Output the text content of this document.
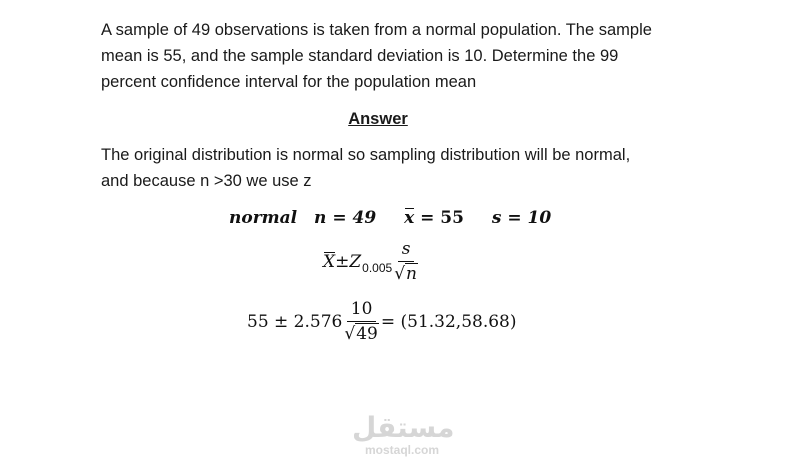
A sample of 49 observations is taken from a normal population. The sample mean is 55, and the sample standard deviation is 10. Determine the 99 percent confidence interval for the population mean

Answer

The original distribution is normal so sampling distribution will be normal, and because n >30 we use z

normal n = 49 x = 55 s = 10
X ± Z $0.005 \frac{s}{√ n}$
$55 \pm 2.576 \frac{10}{√ 49} = (51.32,58.68)$
مستقل
mostaql.com
